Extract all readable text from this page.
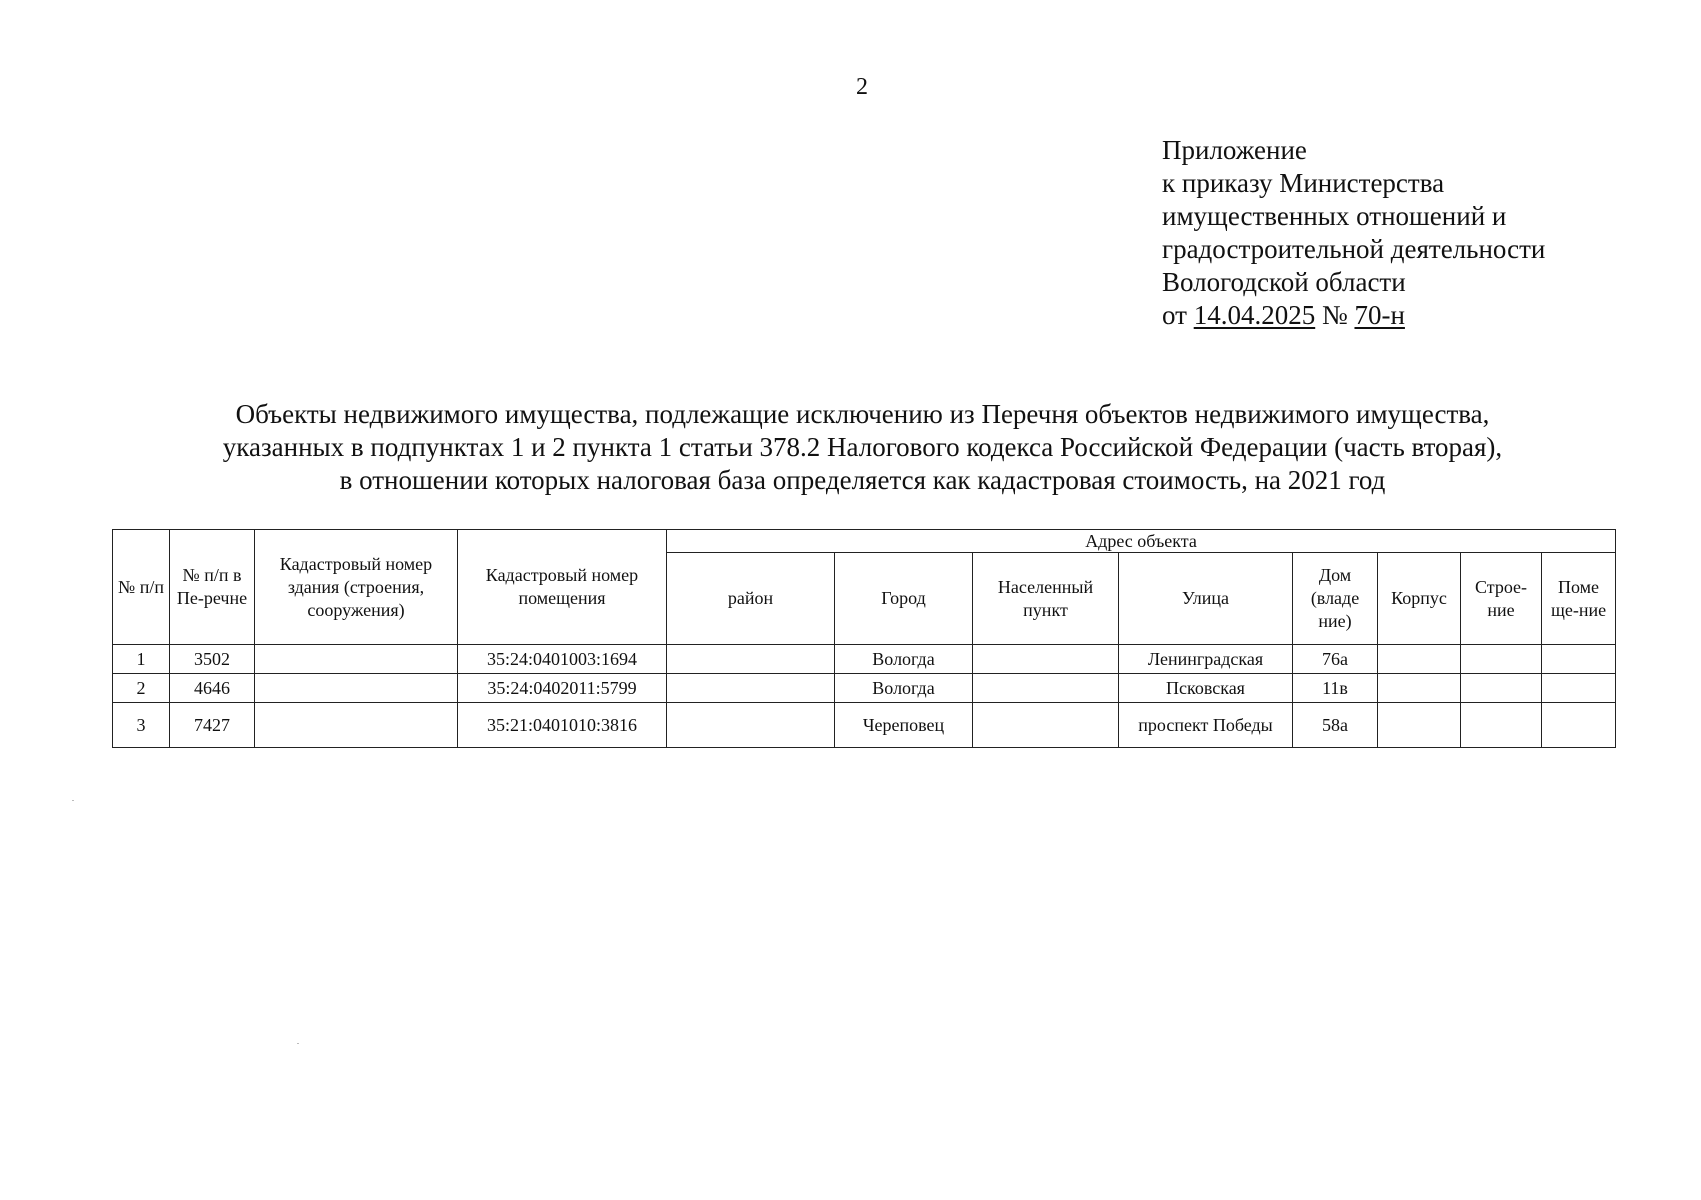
2
Приложение
к приказу Министерства
имущественных отношений и
градостроительной деятельности
Вологодской области
от 14.04.2025 № 70-н
Объекты недвижимого имущества, подлежащие исключению из Перечня объектов недвижимого имущества,
указанных в подпунктах 1 и 2 пункта 1 статьи 378.2 Налогового кодекса Российской Федерации (часть вторая),
в отношении которых налоговая база определяется как кадастровая стоимость, на 2021 год
№ п/п	№ п/п в Пе-речне	Кадастровый номер здания (строения, сооружения)	Кадастровый номер помещения	Адрес объекта							
				район	Город	Населенный пункт	Улица	Дом (владе ние)	Корпус	Строе-ние	Поме ще-ние
1	3502		35:24:0401003:1694		Вологда		Ленинградская	76а			
2	4646		35:24:0402011:5799		Вологда		Псковская	11в			
3	7427		35:21:0401010:3816		Череповец		проспект Победы	58а			
